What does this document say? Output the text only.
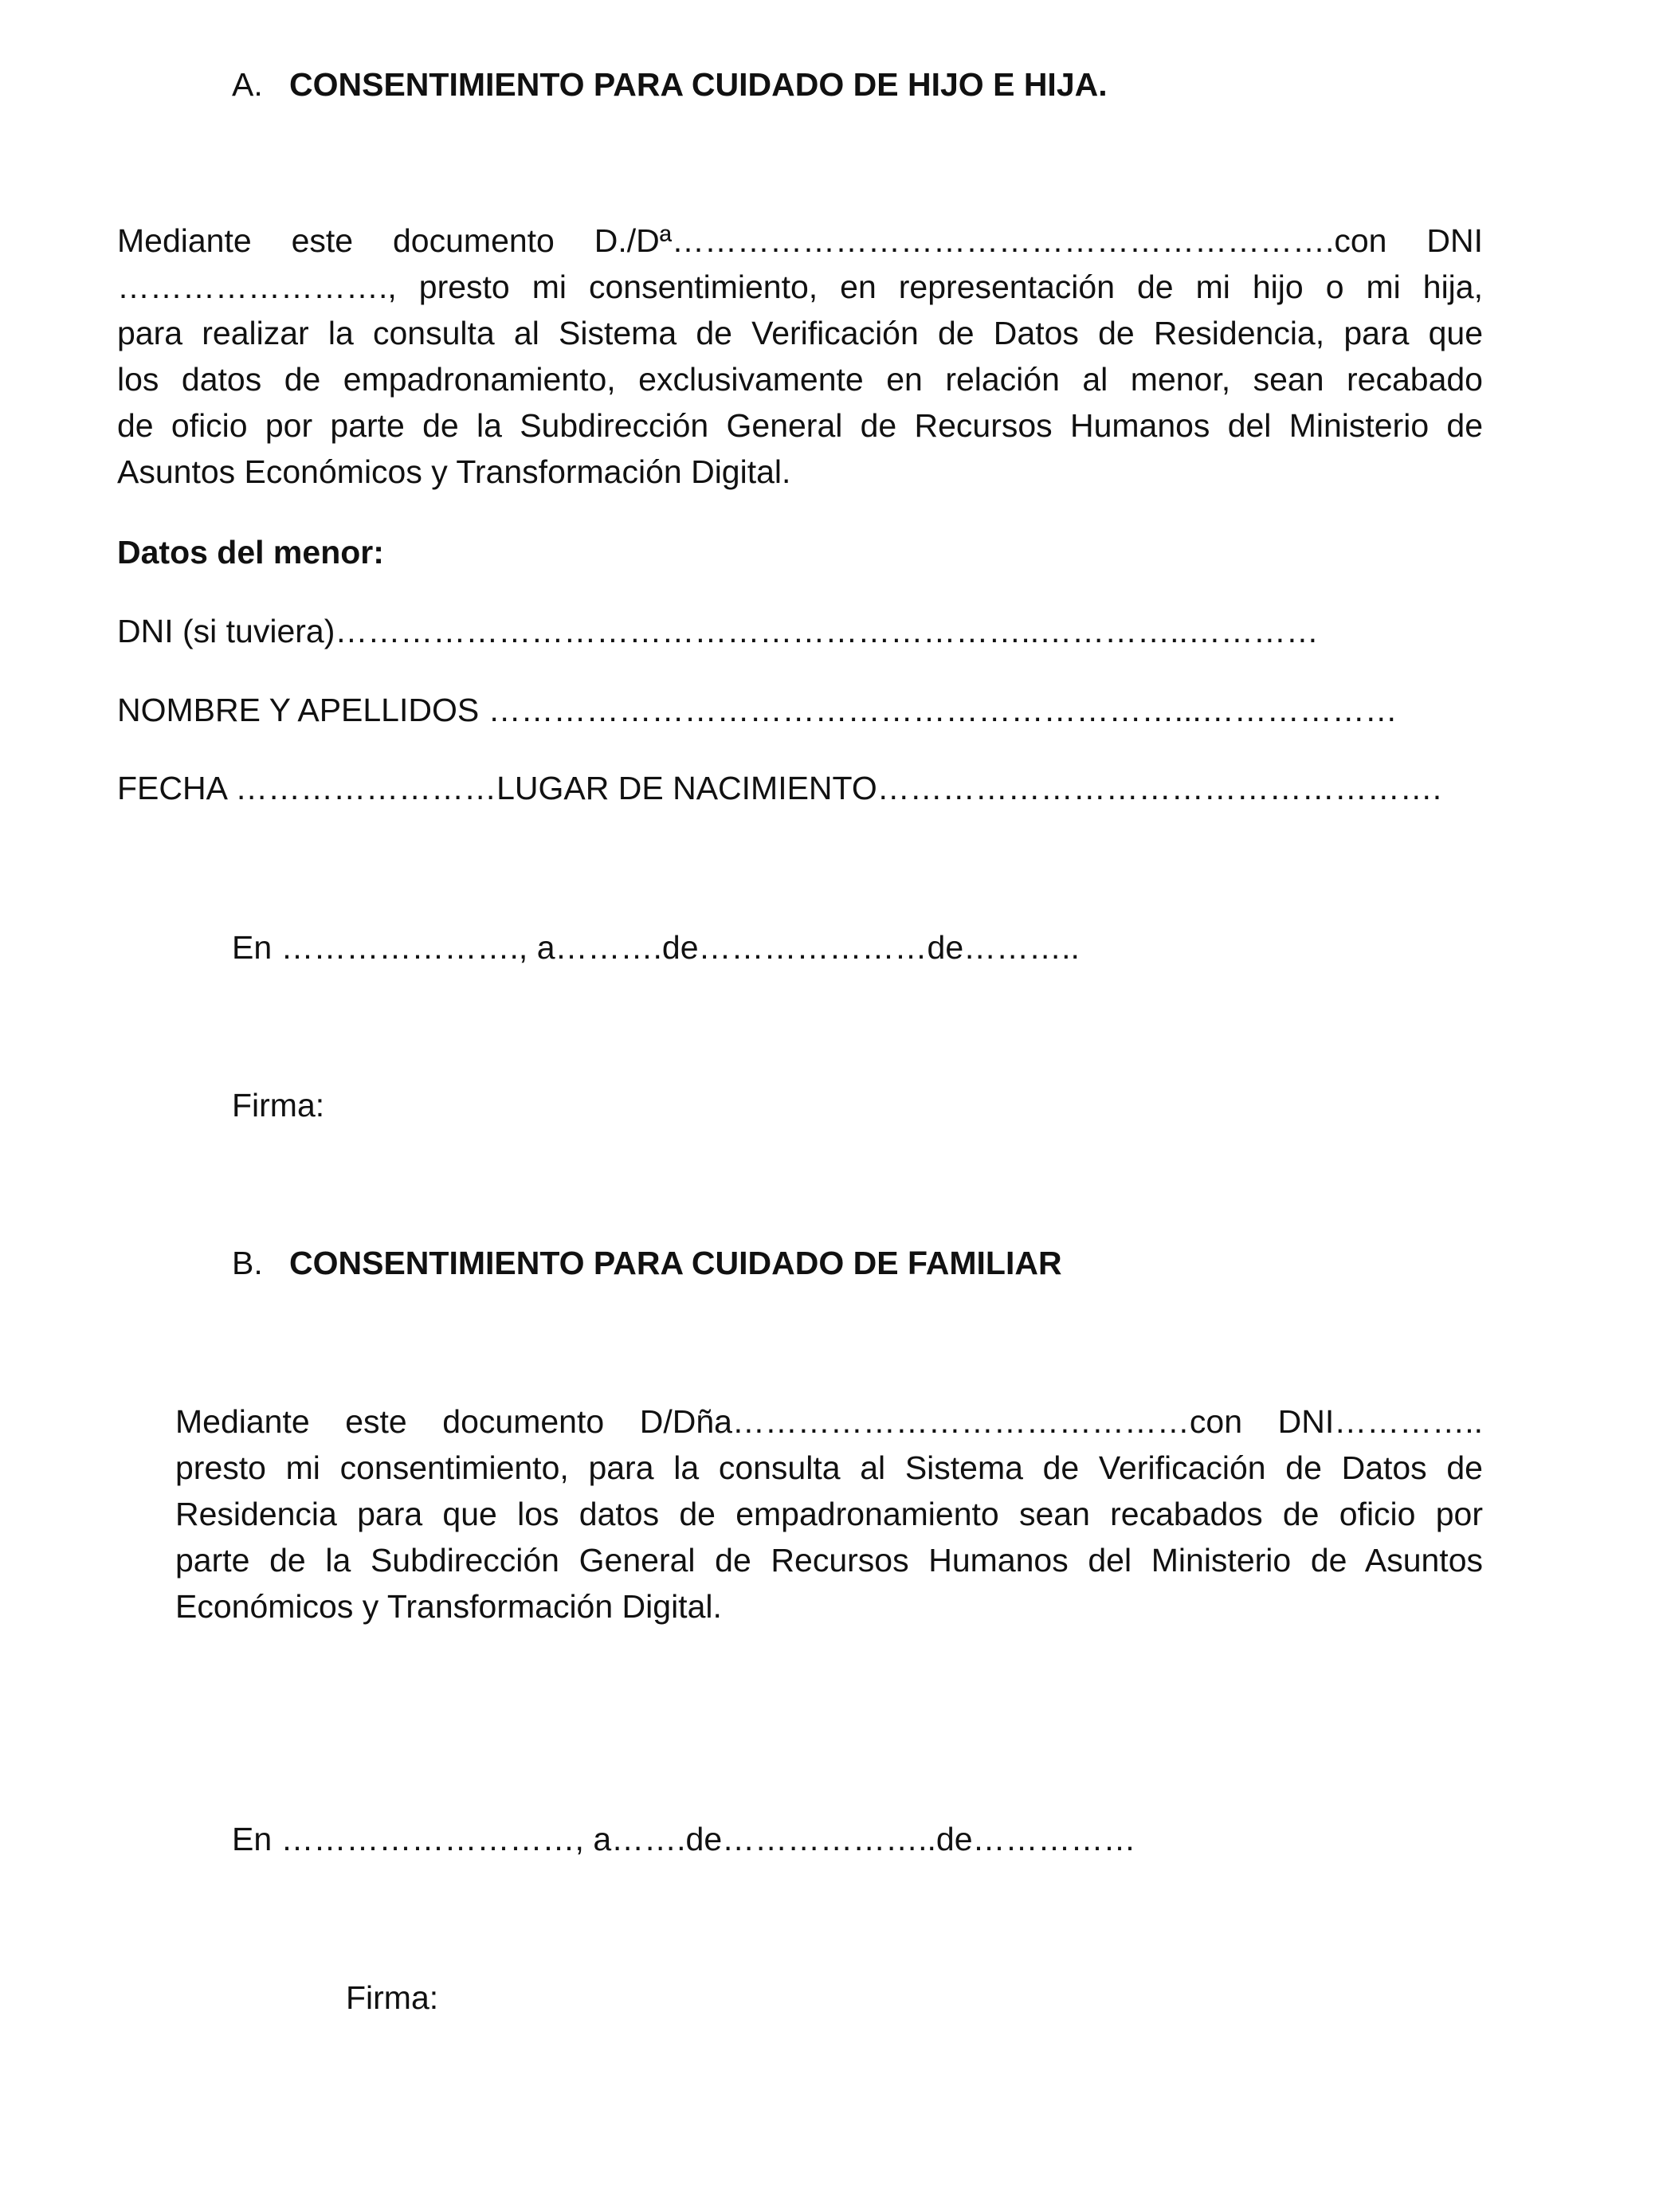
A. CONSENTIMIENTO PARA CUIDADO DE HIJO E HIJA.
Mediante este documento D./Dª…………………………………………………….con DNI
……………………., presto mi consentimiento, en representación de mi hijo o mi hija,
para realizar la consulta al Sistema de Verificación de Datos de Residencia, para que
los datos de empadronamiento, exclusivamente en relación al menor, sean recabado
de oficio por parte de la Subdirección General de Recursos Humanos del Ministerio de
Asuntos Económicos y Transformación Digital.
Datos del menor:
DNI (si tuviera)………………………………………………………..…………..…………
NOMBRE Y APELLIDOS ………………………………………………………...………………
FECHA ……………………LUGAR DE NACIMIENTO…………………………………………….
En …………………., a……….de…………………de………..
Firma:
B. CONSENTIMIENTO PARA CUIDADO DE FAMILIAR
Mediante este documento D/Dña……………………………………con DNI…………..
presto mi consentimiento, para la consulta al Sistema de Verificación de Datos de
Residencia para que los datos de empadronamiento sean recabados de oficio por
parte de la Subdirección General de Recursos Humanos del Ministerio de Asuntos
Económicos y Transformación Digital.
En ………………………, a…….de………………..de……………
Firma:
